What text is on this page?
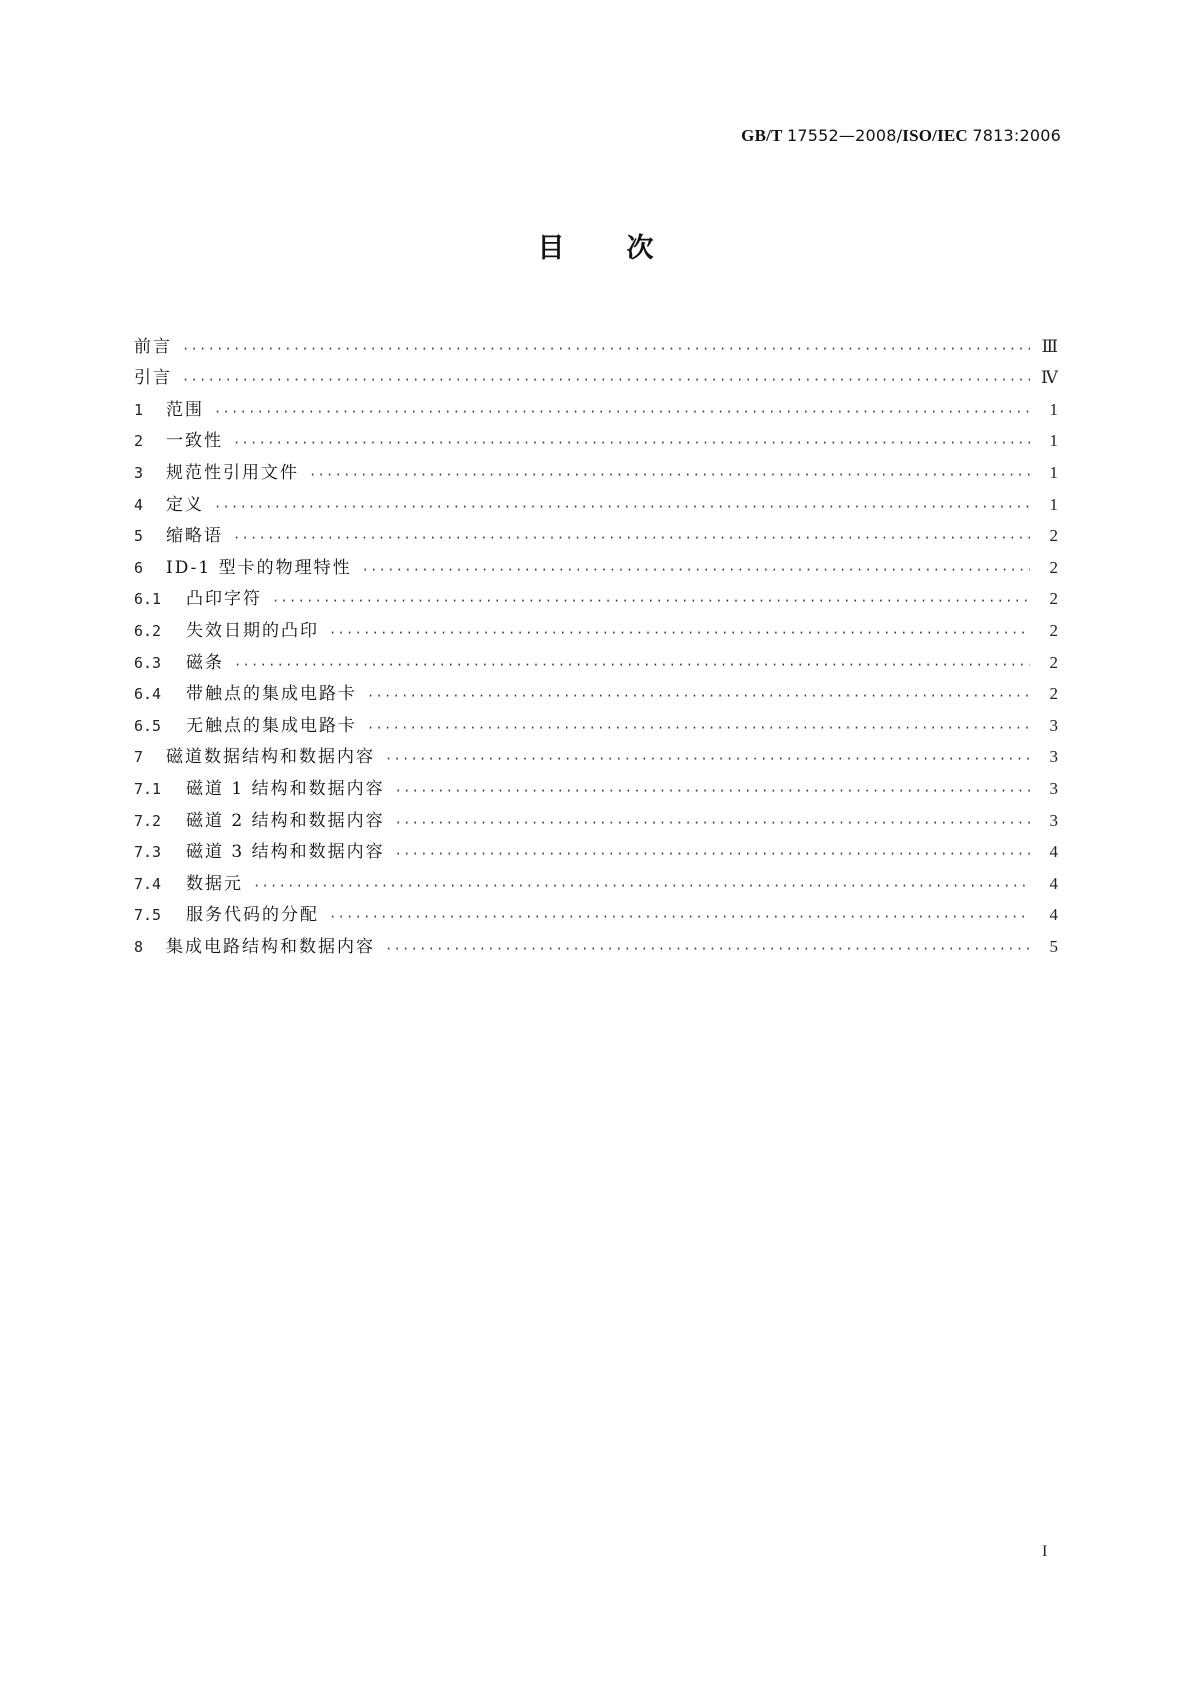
GB/T 17552—2008/ISO/IEC 7813:2006
目 次
前言 ·····	Ⅲ
引言 ·····	Ⅳ
1	范围 ·····	1
2	一致性 ·····	1
3	规范性引用文件 ·····	1
4	定义 ·····	1
5	缩略语 ·····	2
6	ID-1 型卡的物理特性 ·····	2
6.1	凸印字符 ·····	2
6.2	失效日期的凸印 ·····	2
6.3	磁条 ·····	2
6.4	带触点的集成电路卡 ·····	2
6.5	无触点的集成电路卡 ·····	3
7	磁道数据结构和数据内容 ·····	3
7.1	磁道 1 结构和数据内容 ·····	3
7.2	磁道 2 结构和数据内容 ·····	3
7.3	磁道 3 结构和数据内容 ·····	4
7.4	数据元 ·····	4
7.5	服务代码的分配 ·····	4
8	集成电路结构和数据内容 ·····	5
I
